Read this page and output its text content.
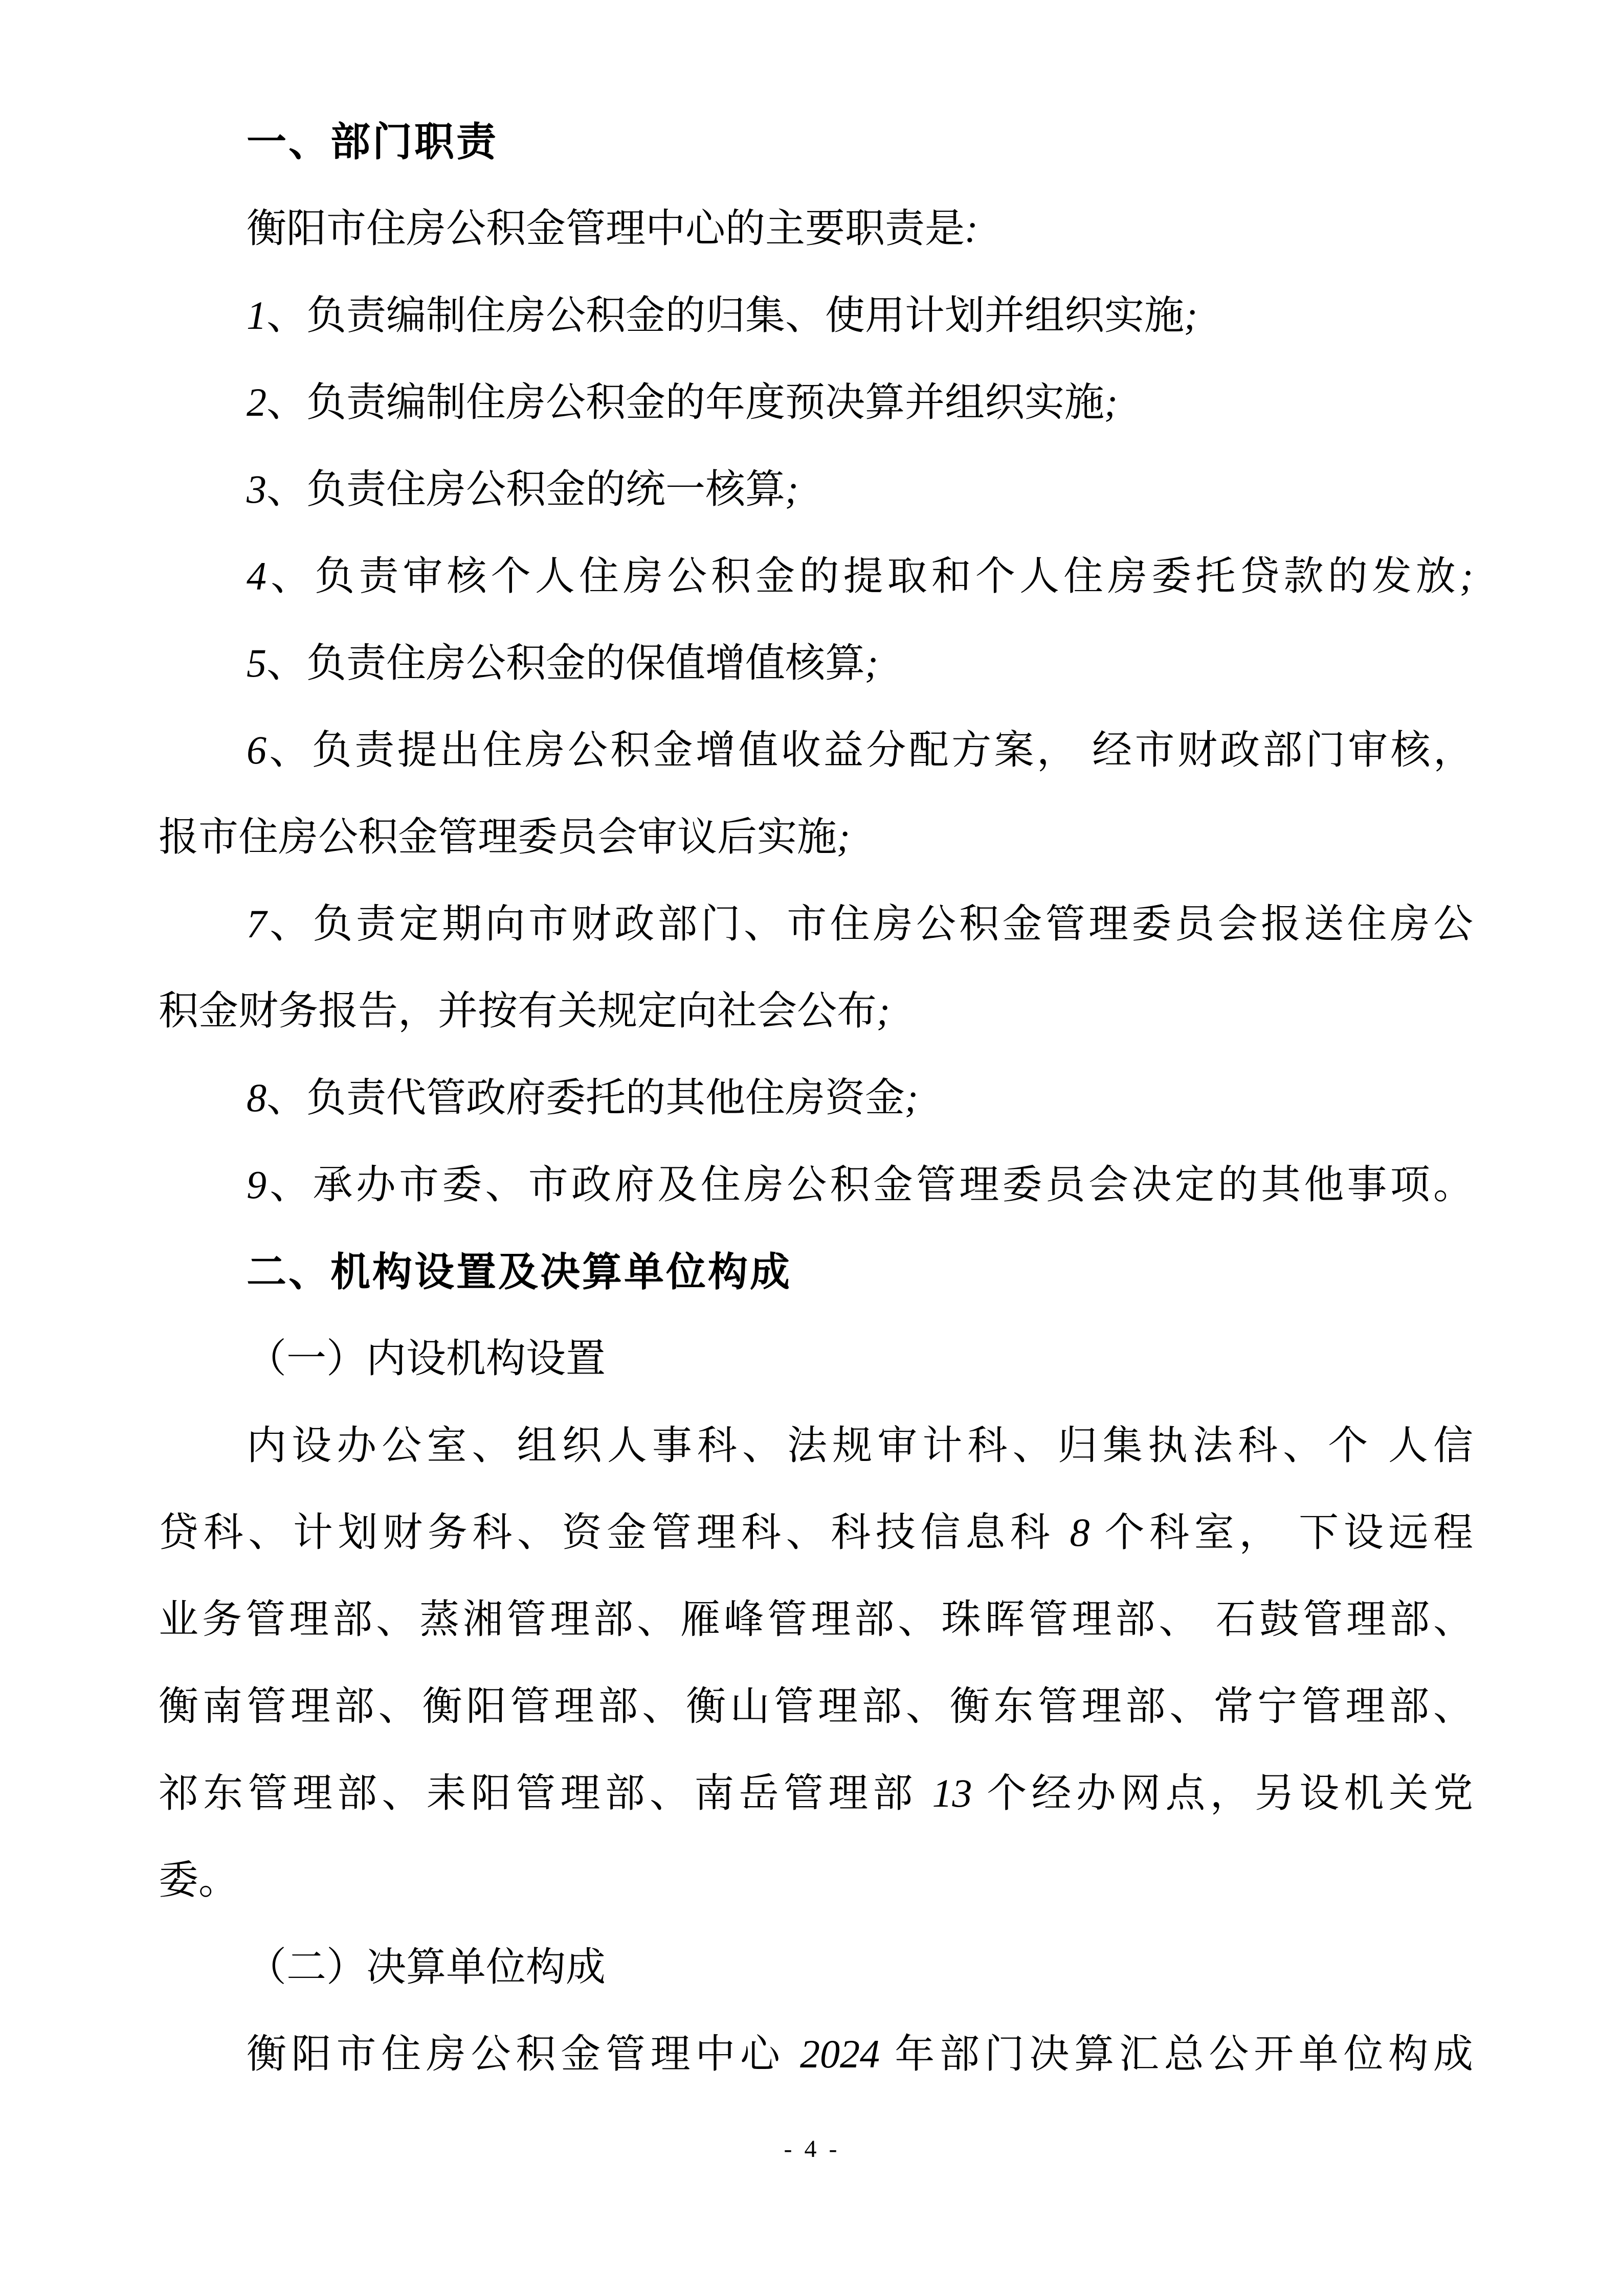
一、部门职责
衡阳市住房公积金管理中心的主要职责是:
1、负责编制住房公积金的归集、使用计划并组织实施;
2、负责编制住房公积金的年度预决算并组织实施;
3、负责住房公积金的统一核算;
4、负责审核个人住房公积金的提取和个人住房委托贷款的发放;
5、负责住房公积金的保值增值核算;
6、负责提出住房公积金增值收益分配方案， 经市财政部门审核，
报市住房公积金管理委员会审议后实施;
7、负责定期向市财政部门、市住房公积金管理委员会报送住房公
积金财务报告，并按有关规定向社会公布;
8、负责代管政府委托的其他住房资金;
9、承办市委、市政府及住房公积金管理委员会决定的其他事项。
二、机构设置及决算单位构成
（一）内设机构设置
内设办公室、组织人事科、法规审计科、归集执法科、个 人信
贷科、计划财务科、资金管理科、科技信息科 8 个科室， 下设远程
业务管理部、蒸湘管理部、雁峰管理部、珠晖管理部、 石鼓管理部、
衡南管理部、衡阳管理部、衡山管理部、衡东管理部、常宁管理部、
祁东管理部、耒阳管理部、南岳管理部 13 个经办网点，另设机关党
委。
（二）决算单位构成
衡阳市住房公积金管理中心 2024 年部门决算汇总公开单位构成
- 4 -
